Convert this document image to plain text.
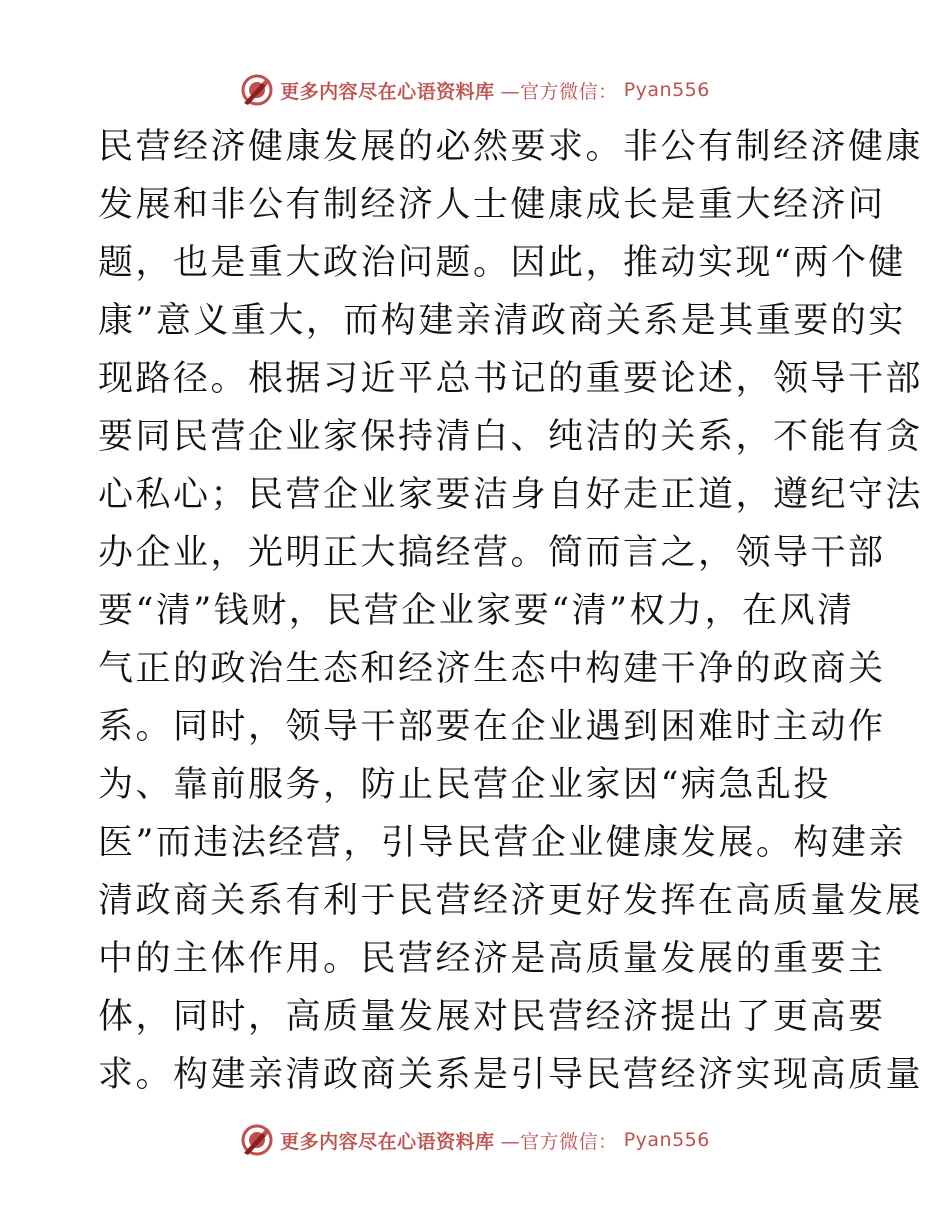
更多内容尽在心语资料库 —官方微信： Pyan556
民营经济健康发展的必然要求。非公有制经济健康
发展和非公有制经济人士健康成长是重大经济问
题，也是重大政治问题。因此，推动实现“两个健
康”意义重大，而构建亲清政商关系是其重要的实
现路径。根据习近平总书记的重要论述，领导干部
要同民营企业家保持清白、纯洁的关系，不能有贪
心私心；民营企业家要洁身自好走正道，遵纪守法
办企业，光明正大搞经营。简而言之，领导干部
要“清”钱财，民营企业家要“清”权力，在风清
气正的政治生态和经济生态中构建干净的政商关
系。同时，领导干部要在企业遇到困难时主动作
为、靠前服务，防止民营企业家因“病急乱投
医”而违法经营，引导民营企业健康发展。构建亲
清政商关系有利于民营经济更好发挥在高质量发展
中的主体作用。民营经济是高质量发展的重要主
体，同时，高质量发展对民营经济提出了更高要
求。构建亲清政商关系是引导民营经济实现高质量
更多内容尽在心语资料库 —官方微信： Pyan556
